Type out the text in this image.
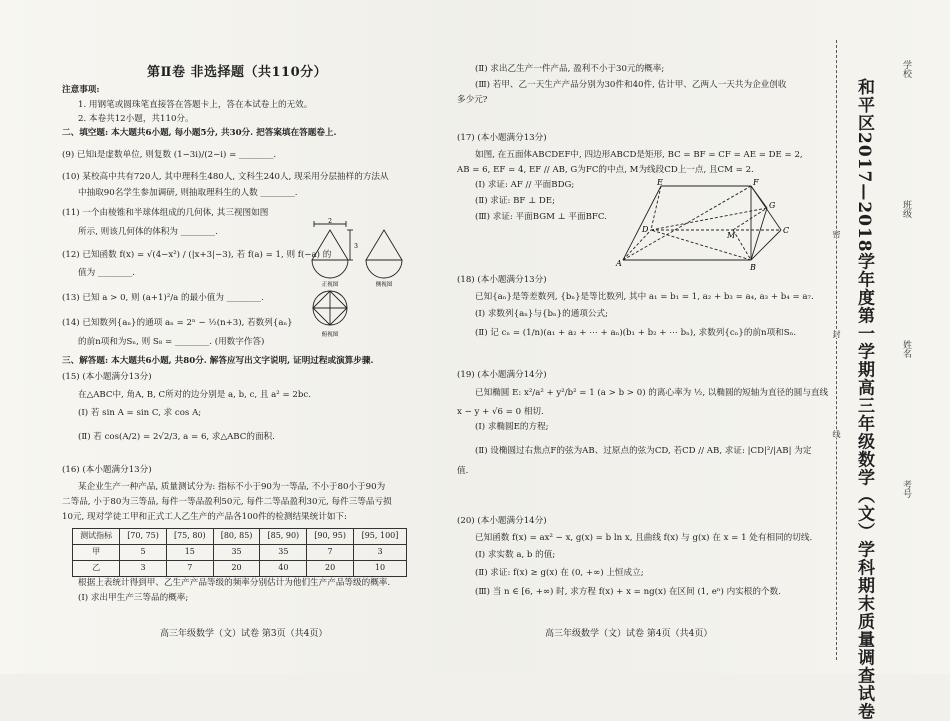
第Ⅱ卷 非选择题（共110分）
注意事项:
1. 用钢笔或圆珠笔直接答在答题卡上，答在本试卷上的无效。
2. 本卷共12小题，共110分。
二、填空题: 本大题共6小题, 每小题5分, 共30分. 把答案填在答题卷上.
(9) 已知i是虚数单位, 则复数 (1−3i)/(2−i) = ________.
(10) 某校高中共有720人, 其中理科生480人, 文科生240人, 现采用分层抽样的方法从
中抽取90名学生参加调研, 则抽取理科生的人数 ________.
(11) 一个由棱锥和半球体组成的几何体, 其三视图如图
所示, 则该几何体的体积为 ________.
(12) 已知函数 f(x) = √(4−x²) / (|x+3|−3), 若 f(a) = 1, 则 f(−a) 的
值为 ________.
(13) 已知 a > 0, 则 (a+1)²/a 的最小值为 ________.
(14) 已知数列{aₙ}的通项 aₙ = 2ⁿ − ½(n+3), 若数列{aₙ}
的前n项和为Sₙ, 则 S₈ = ________. (用数字作答)
三、解答题: 本大题共6小题, 共80分. 解答应写出文字说明, 证明过程或演算步骤.
(15) (本小题满分13分)
在△ABC中, 角A, B, C所对的边分别是 a, b, c, 且 a² = 2bc.
(Ⅰ) 若 sin A = sin C, 求 cos A;
(Ⅱ) 若 cos(A/2) = 2√2/3, a = 6, 求△ABC的面积.
(16) (本小题满分13分)
某企业生产一种产品, 质量测试分为: 指标不小于90为一等品, 不小于80小于90为
二等品, 小于80为三等品, 每件一等品盈利50元, 每件二等品盈利30元, 每件三等品亏损
10元, 现对学徒工甲和正式工人乙生产的产品各100件的检测结果统计如下:
测试指标	[70, 75)	[75, 80)	[80, 85)	[85, 90)	[90, 95)	[95, 100]
甲	5	15	35	35	7	3
乙	3	7	20	40	20	10
根据上表统计得到甲、乙生产产品等级的频率分别估计为他们生产产品等级的概率.
(Ⅰ) 求出甲生产三等品的概率;
2
3
正视图	侧视图
俯视图
高三年级数学（文）试卷 第3页（共4页）
(Ⅱ) 求出乙生产一件产品, 盈利不小于30元的概率;
(Ⅲ) 若甲、乙一天生产产品分别为30件和40件, 估计甲、乙两人一天共为企业创收
多少元?
(17) (本小题满分13分)
如图, 在五面体ABCDEF中, 四边形ABCD是矩形, BC = BF = CF = AE = DE = 2,
AB = 6, EF = 4, EF // AB, G为FC的中点, M为线段CD上一点, 且CM = 2.
(Ⅰ) 求证: AF // 平面BDG;
(Ⅱ) 求证: BF ⊥ DE;
(Ⅲ) 求证: 平面BGM ⊥ 平面BFC.
E	F
G
D
M
C
A	B
(18) (本小题满分13分)
已知{aₙ}是等差数列, {bₙ}是等比数列, 其中 a₁ = b₁ = 1, a₂ + b₃ = a₄, a₃ + b₄ = a₇.
(Ⅰ) 求数列{aₙ}与{bₙ}的通项公式;
(Ⅱ) 记 cₙ = (1/n)(a₁ + a₂ + ⋯ + aₙ)(b₁ + b₂ + ⋯ bₙ), 求数列{cₙ}的前n项和Sₙ.
(19) (本小题满分14分)
已知椭圆 E: x²/a² + y²/b² = 1 (a > b > 0) 的离心率为 ½, 以椭圆的短轴为直径的圆与直线
x − y + √6 = 0 相切.
(Ⅰ) 求椭圆E的方程;
(Ⅱ) 设椭圆过右焦点F的弦为AB、过原点的弦为CD, 若CD // AB, 求证: |CD|²/|AB| 为定
值.
(20) (本小题满分14分)
已知函数 f(x) = ax² − x, g(x) = b ln x, 且曲线 f(x) 与 g(x) 在 x = 1 处有相同的切线.
(Ⅰ) 求实数 a, b 的值;
(Ⅱ) 求证: f(x) ≥ g(x) 在 (0, +∞) 上恒成立;
(Ⅲ) 当 n ∈ [6, +∞) 时, 求方程 f(x) + x = ng(x) 在区间 (1, eⁿ) 内实根的个数.
高三年级数学（文）试卷 第4页（共4页）
密
封
线 和平区2017—2018学年度第一学期高三年级数学（文）学科期末质量调查试卷
学校
班级
姓名
考号
